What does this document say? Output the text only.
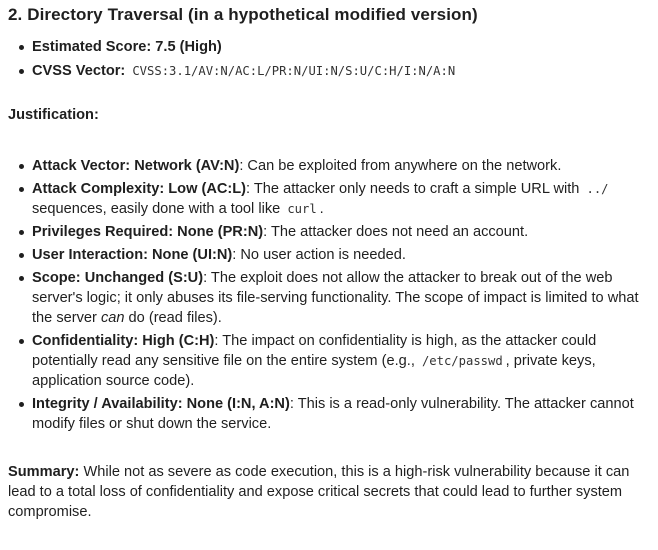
2. Directory Traversal (in a hypothetical modified version)
Estimated Score: 7.5 (High)
CVSS Vector: CVSS:3.1/AV:N/AC:L/PR:N/UI:N/S:U/C:H/I:N/A:N
Justification:
Attack Vector: Network (AV:N): Can be exploited from anywhere on the network.
Attack Complexity: Low (AC:L): The attacker only needs to craft a simple URL with ../ sequences, easily done with a tool like curl .
Privileges Required: None (PR:N): The attacker does not need an account.
User Interaction: None (UI:N): No user action is needed.
Scope: Unchanged (S:U): The exploit does not allow the attacker to break out of the web server's logic; it only abuses its file-serving functionality. The scope of impact is limited to what the server can do (read files).
Confidentiality: High (C:H): The impact on confidentiality is high, as the attacker could potentially read any sensitive file on the entire system (e.g., /etc/passwd , private keys, application source code).
Integrity / Availability: None (I:N, A:N): This is a read-only vulnerability. The attacker cannot modify files or shut down the service.
Summary: While not as severe as code execution, this is a high-risk vulnerability because it can lead to a total loss of confidentiality and expose critical secrets that could lead to further system compromise.
